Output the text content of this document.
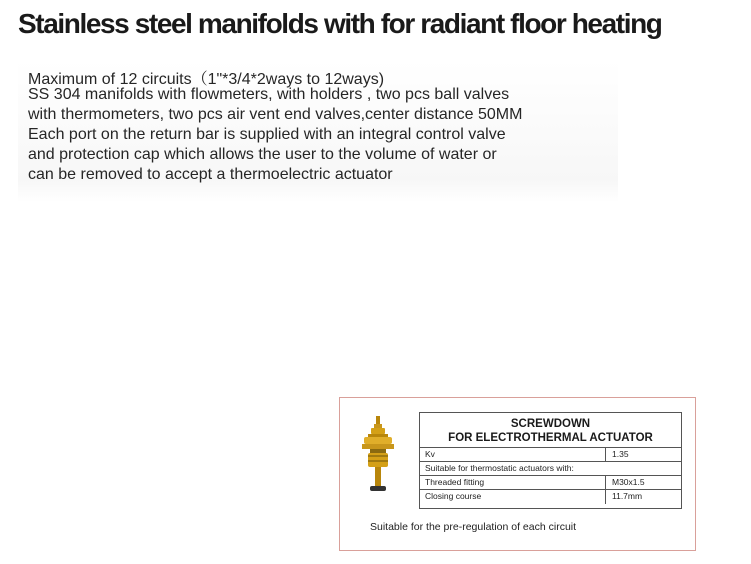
Stainless steel manifolds with for radiant floor heating
Maximum of 12 circuits（1"*3/4*2ways to 12ways)
SS 304 manifolds with flowmeters, with holders , two pcs ball valves
with thermometers, two pcs air vent end valves,center distance 50MM
Each port on the return bar is supplied with an integral control valve
and protection cap which allows the user to the volume of water or
can be removed to accept a thermoelectric actuator
SCREWDOWN
FOR ELECTROTHERMAL ACTUATOR
Kv	1.35
Suitable for thermostatic actuators with:
Threaded fitting	M30x1.5
Closing course	11.7mm
Suitable for the pre-regulation of each circuit
